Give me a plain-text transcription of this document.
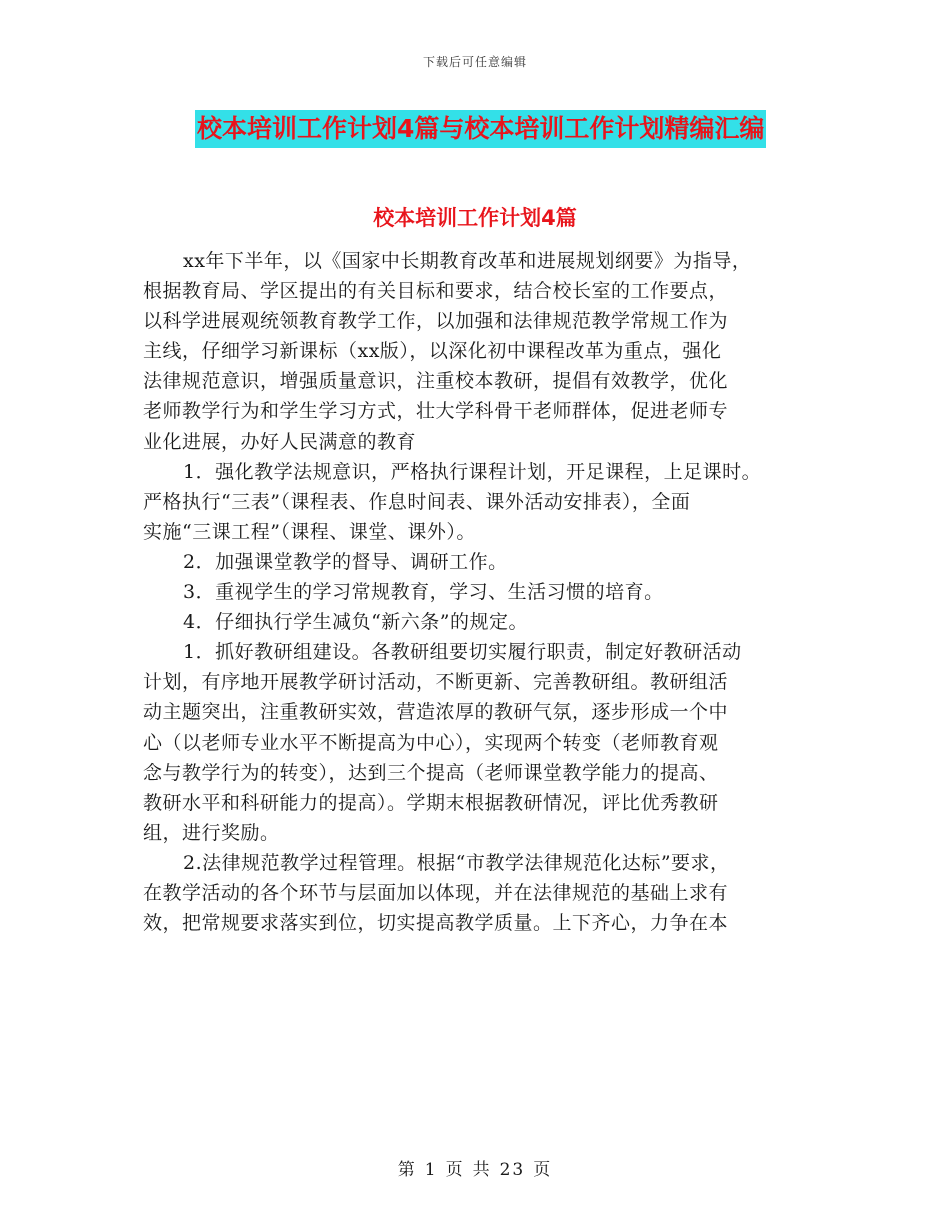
下载后可任意编辑
校本培训工作计划4篇与校本培训工作计划精编汇编
校本培训工作计划4篇

xx年下半年，以《国家中长期教育改革和进展规划纲要》为指导，
根据教育局、学区提出的有关目标和要求，结合校长室的工作要点，
以科学进展观统领教育教学工作，以加强和法律规范教学常规工作为
主线，仔细学习新课标（xx版），以深化初中课程改革为重点，强化
法律规范意识，增强质量意识，注重校本教研，提倡有效教学，优化
老师教学行为和学生学习方式，壮大学科骨干老师群体，促进老师专
业化进展，办好人民满意的教育

1．强化教学法规意识，严格执行课程计划，开足课程，上足课时。
严格执行“三表”（课程表、作息时间表、课外活动安排表），全面
实施“三课工程”（课程、课堂、课外）。

2．加强课堂教学的督导、调研工作。

3．重视学生的学习常规教育，学习、生活习惯的培育。

4．仔细执行学生减负“新六条”的规定。

1．抓好教研组建设。各教研组要切实履行职责，制定好教研活动
计划，有序地开展教学研讨活动，不断更新、完善教研组。教研组活
动主题突出，注重教研实效，营造浓厚的教研气氛，逐步形成一个中
心（以老师专业水平不断提高为中心），实现两个转变（老师教育观
念与教学行为的转变），达到三个提高（老师课堂教学能力的提高、
教研水平和科研能力的提高）。学期末根据教研情况，评比优秀教研
组，进行奖励。

2.法律规范教学过程管理。根据“市教学法律规范化达标”要求，
在教学活动的各个环节与层面加以体现，并在法律规范的基础上求有
效，把常规要求落实到位，切实提高教学质量。上下齐心，力争在本

第 1 页 共 23 页
